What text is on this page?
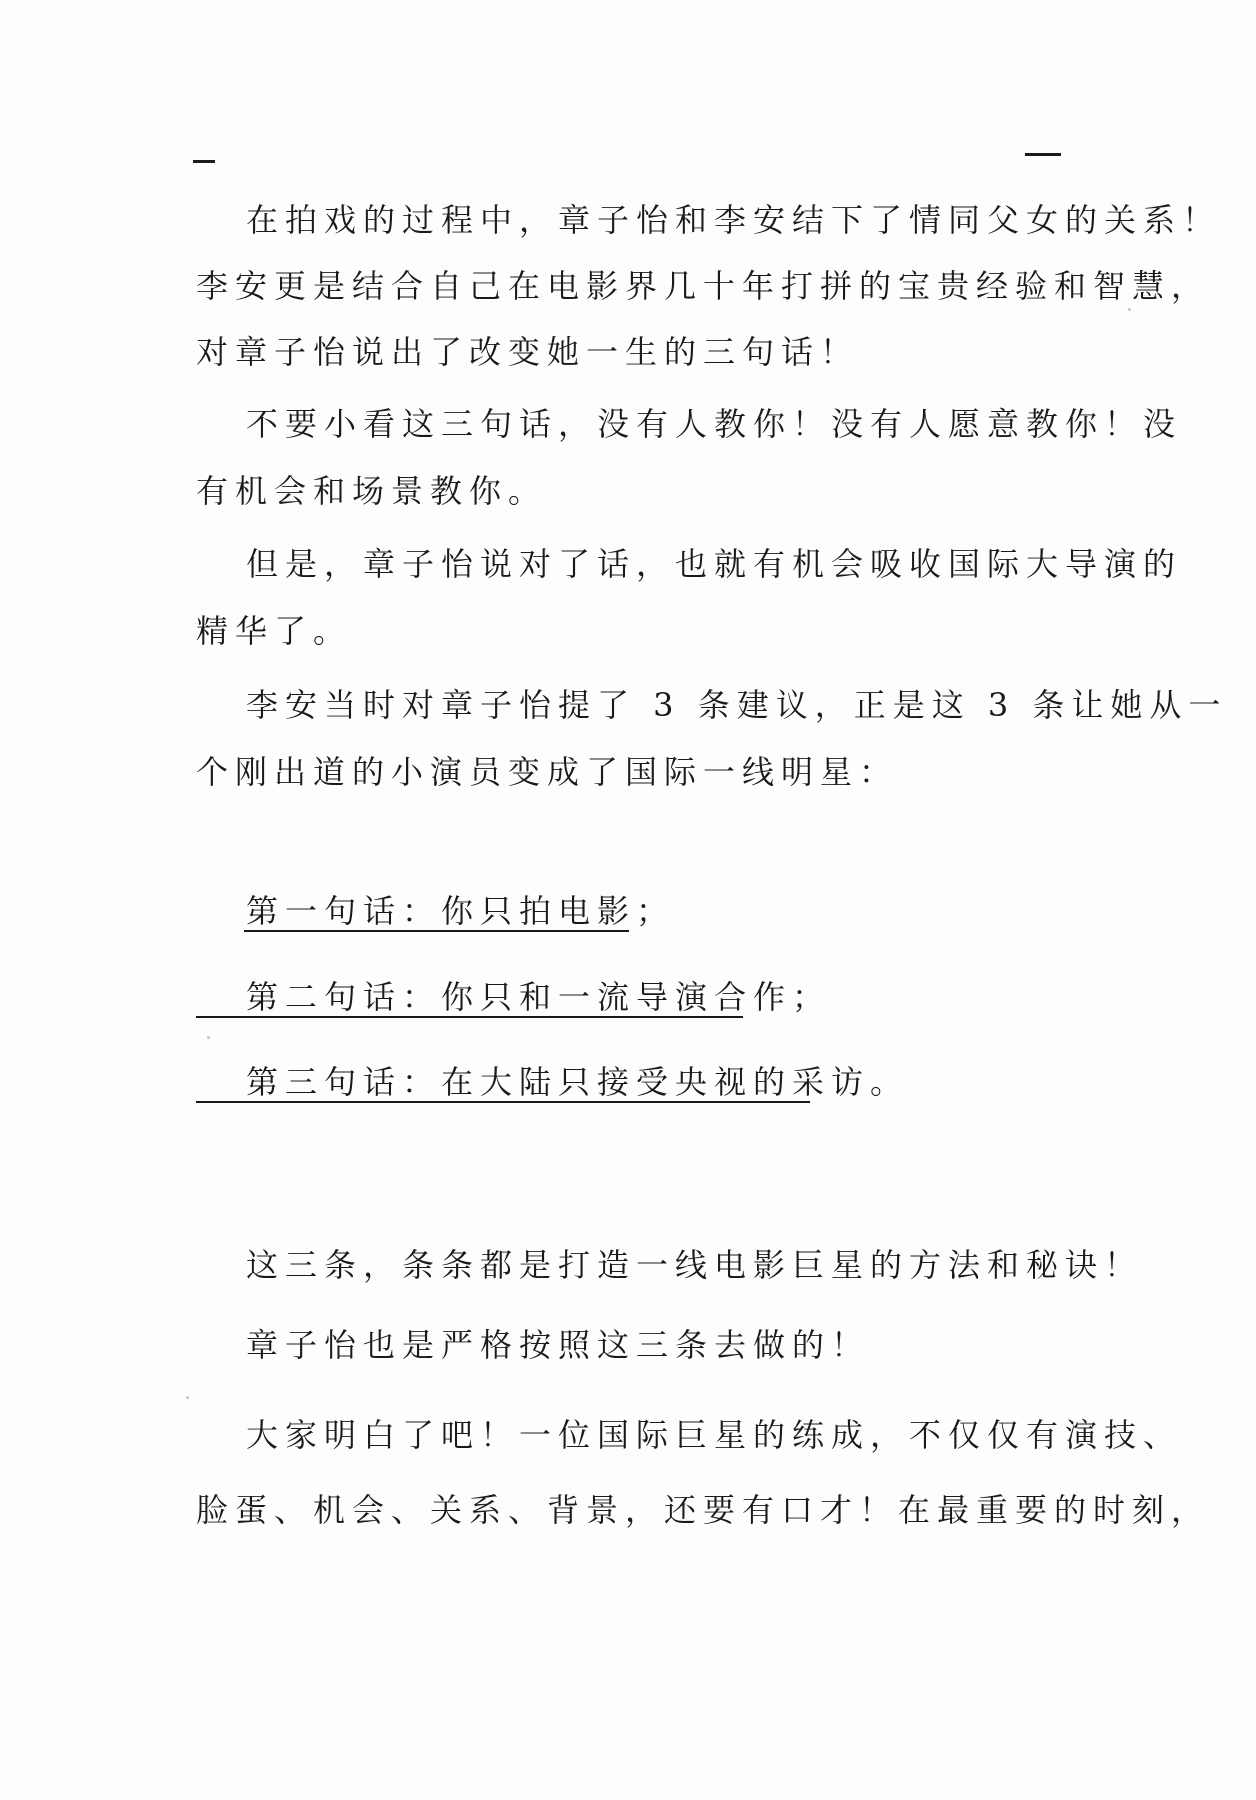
在拍戏的过程中，章子怡和李安结下了情同父女的关系！
李安更是结合自己在电影界几十年打拼的宝贵经验和智慧，
对章子怡说出了改变她一生的三句话！
不要小看这三句话，没有人教你！没有人愿意教你！没
有机会和场景教你。
但是，章子怡说对了话，也就有机会吸收国际大导演的
精华了。
李安当时对章子怡提了 3 条建议，正是这 3 条让她从一
个刚出道的小演员变成了国际一线明星：
第一句话：你只拍电影；
第二句话：你只和一流导演合作；
第三句话：在大陆只接受央视的采访。
这三条，条条都是打造一线电影巨星的方法和秘诀！
章子怡也是严格按照这三条去做的！
大家明白了吧！一位国际巨星的练成，不仅仅有演技、
脸蛋、机会、关系、背景，还要有口才！在最重要的时刻，
